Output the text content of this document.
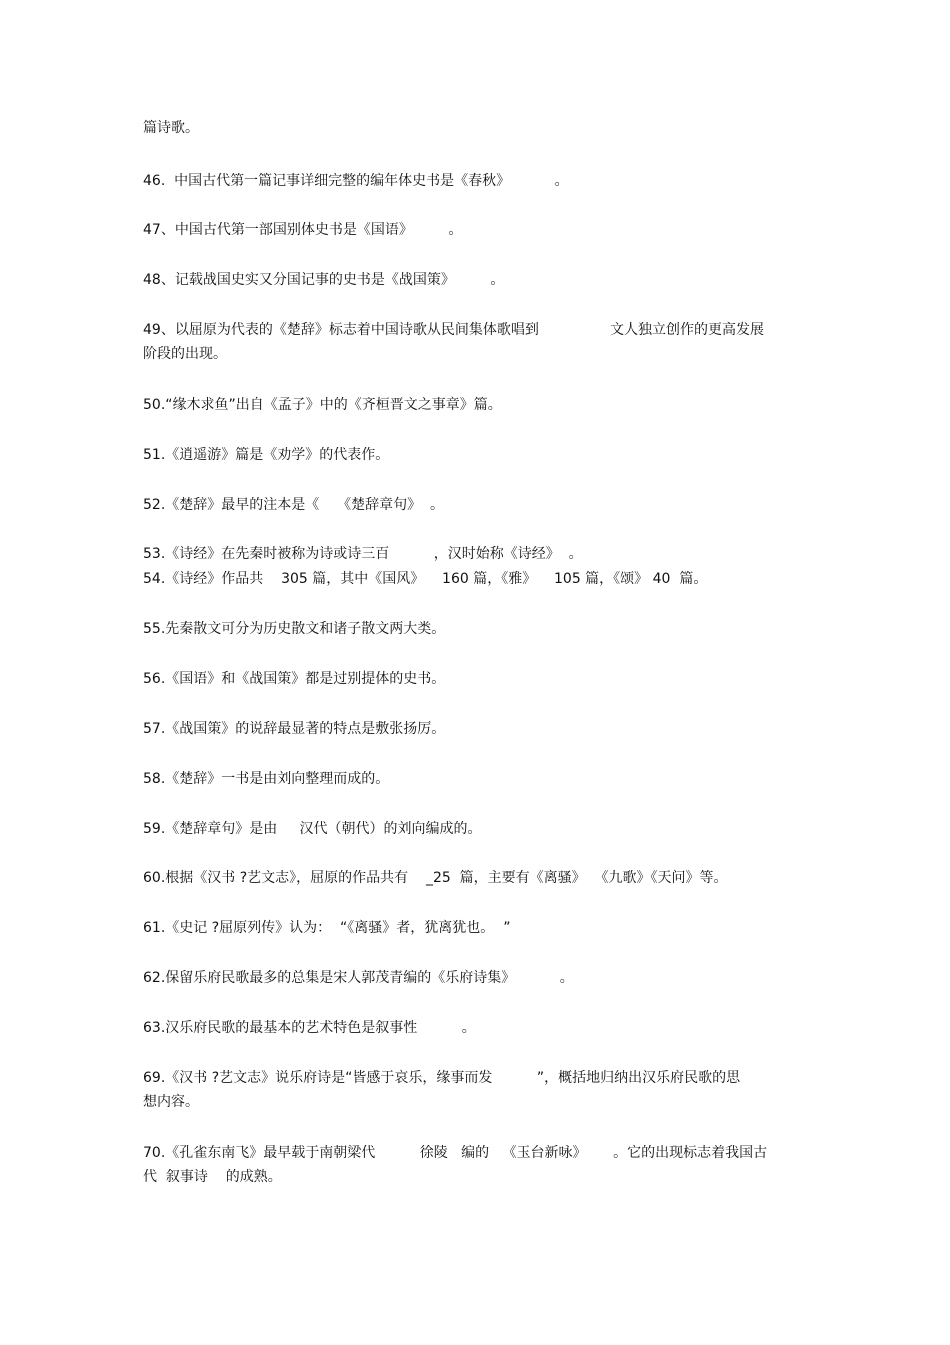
篇诗歌。
46.  中国古代第一篇记事详细完整的编年体史书是《春秋》          。
47、中国古代第一部国别体史书是《国语》        。
48、记载战国史实又分国记事的史书是《战国策》        。
49、以屈原为代表的《楚辞》标志着中国诗歌从民间集体歌唱到                文人独立创作的更高发展
阶段的出现。
50.“缘木求鱼”出自《孟子》中的《齐桓晋文之事章》篇。
51.《逍遥游》篇是《劝学》的代表作。
52.《楚辞》最早的注本是《    《楚辞章句》  。
53.《诗经》在先秦时被称为诗或诗三百          ，汉时始称《诗经》  。
54.《诗经》作品共    305 篇，其中《国风》    160 篇，《雅》    105 篇，《颂》 40  篇。
55.先秦散文可分为历史散文和诸子散文两大类。
56.《国语》和《战国策》都是过别提体的史书。
57.《战国策》的说辞最显著的特点是敷张扬厉。
58.《楚辞》一书是由刘向整理而成的。
59.《楚辞章句》是由     汉代（朝代）的刘向编成的。
60.根据《汉书 ?艺文志》，屈原的作品共有    _25  篇，主要有《离骚》  《九歌》《天问》等。
61.《史记 ?屈原列传》认为：  “《离骚》者，犹离犹也。  ”
62.保留乐府民歌最多的总集是宋人郭茂青编的《乐府诗集》          。
63.汉乐府民歌的最基本的艺术特色是叙事性          。
69.《汉书 ?艺文志》说乐府诗是“皆感于哀乐，缘事而发          ”，概括地归纳出汉乐府民歌的思
想内容。
70.《孔雀东南飞》最早载于南朝梁代          徐陵   编的   《玉台新咏》      。它的出现标志着我国古
代  叙事诗    的成熟。
